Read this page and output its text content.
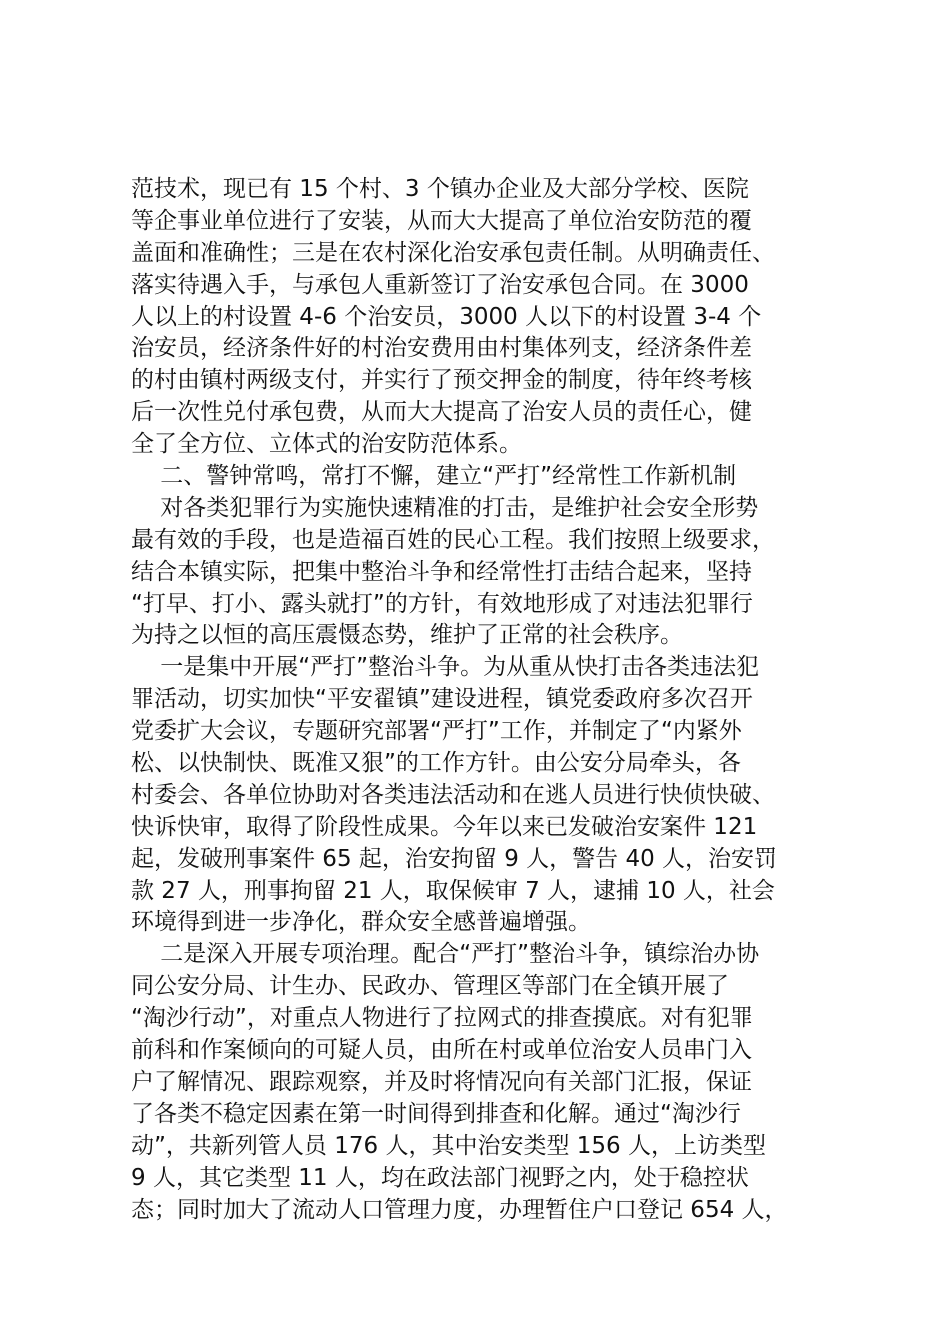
范技术，现已有 15 个村、3 个镇办企业及大部分学校、医院
等企事业单位进行了安装，从而大大提高了单位治安防范的覆
盖面和准确性；三是在农村深化治安承包责任制。从明确责任、
落实待遇入手，与承包人重新签订了治安承包合同。在 3000
人以上的村设置 4-6 个治安员，3000 人以下的村设置 3-4 个
治安员，经济条件好的村治安费用由村集体列支，经济条件差
的村由镇村两级支付，并实行了预交押金的制度，待年终考核
后一次性兑付承包费，从而大大提高了治安人员的责任心，健
全了全方位、立体式的治安防范体系。
二、警钟常鸣，常打不懈，建立“严打”经常性工作新机制
对各类犯罪行为实施快速精准的打击，是维护社会安全形势
最有效的手段，也是造福百姓的民心工程。我们按照上级要求，
结合本镇实际，把集中整治斗争和经常性打击结合起来，坚持
“打早、打小、露头就打”的方针，有效地形成了对违法犯罪行
为持之以恒的高压震慑态势，维护了正常的社会秩序。
一是集中开展“严打”整治斗争。为从重从快打击各类违法犯
罪活动，切实加快“平安翟镇”建设进程，镇党委政府多次召开
党委扩大会议，专题研究部署“严打”工作，并制定了“内紧外
松、以快制快、既准又狠”的工作方针。由公安分局牵头，各
村委会、各单位协助对各类违法活动和在逃人员进行快侦快破、
快诉快审，取得了阶段性成果。今年以来已发破治安案件 121
起，发破刑事案件 65 起，治安拘留 9 人，警告 40 人，治安罚
款 27 人，刑事拘留 21 人，取保候审 7 人，逮捕 10 人，社会
环境得到进一步净化，群众安全感普遍增强。
二是深入开展专项治理。配合“严打”整治斗争，镇综治办协
同公安分局、计生办、民政办、管理区等部门在全镇开展了
“淘沙行动”，对重点人物进行了拉网式的排查摸底。对有犯罪
前科和作案倾向的可疑人员，由所在村或单位治安人员串门入
户了解情况、跟踪观察，并及时将情况向有关部门汇报，保证
了各类不稳定因素在第一时间得到排查和化解。通过“淘沙行
动”，共新列管人员 176 人，其中治安类型 156 人，上访类型
9 人，其它类型 11 人，均在政法部门视野之内，处于稳控状
态；同时加大了流动人口管理力度，办理暂住户口登记 654 人，
